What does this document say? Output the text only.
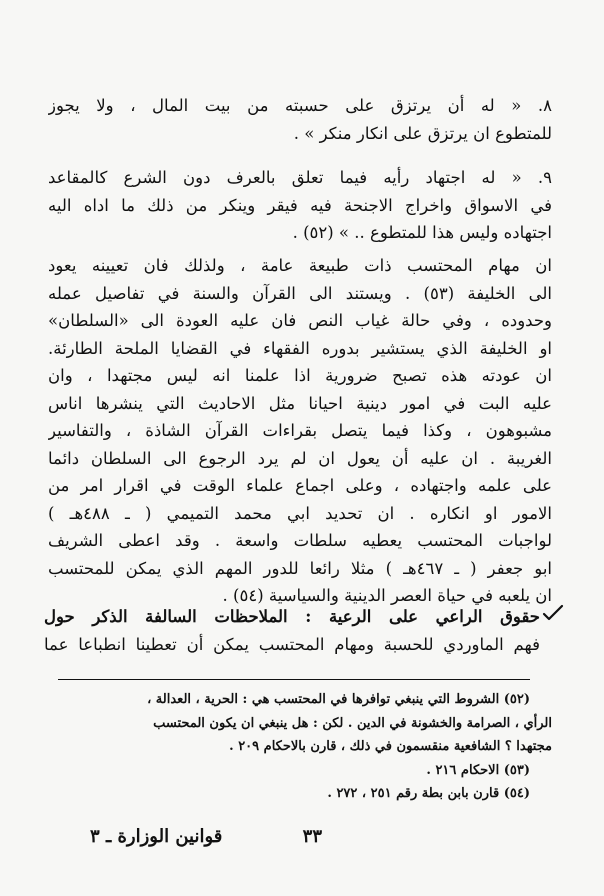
٨. « له أن يرتزق على حسبته من بيت المال ، ولا يجوز
للمتطوع ان يرتزق على انكار منكر » .
٩. « له اجتهاد رأيه فيما تعلق بالعرف دون الشرع كالمقاعد
في الاسواق واخراج الاجنحة فيه فيقر وينكر من ذلك ما اداه اليه
اجتهاده وليس هذا للمتطوع .. » (٥٢) .
ان مهام المحتسب ذات طبيعة عامة ، ولذلك فان تعيينه يعود
الى الخليفة (٥٣) . ويستند الى القرآن والسنة في تفاصيل عمله
وحدوده ، وفي حالة غياب النص فان عليه العودة الى «السلطان»
او الخليفة الذي يستشير بدوره الفقهاء في القضايا الملحة الطارئة.
ان عودته هذه تصبح ضرورية اذا علمنا انه ليس مجتهدا ، وان
عليه البت في امور دينية احيانا مثل الاحاديث التي ينشرها اناس
مشبوهون ، وكذا فيما يتصل بقراءات القرآن الشاذة ، والتفاسير
الغريبة . ان عليه أن يعول ان لم يرد الرجوع الى السلطان دائما
على علمه واجتهاده ، وعلى اجماع علماء الوقت في اقرار امر من
الامور او انكاره . ان تحديد ابي محمد التميمي ( ـ ٤٨٨هـ )
لواجبات المحتسب يعطيه سلطات واسعة . وقد اعطى الشريف
ابو جعفر ( ـ ٤٦٧هـ ) مثلا رائعا للدور المهم الذي يمكن للمحتسب
ان يلعبه في حياة العصر الدينية والسياسية (٥٤) .
حقوق الراعي على الرعية : الملاحظات السالفة الذكر حول
فهم الماوردي للحسبة ومهام المحتسب يمكن أن تعطينا انطباعا عما
(٥٢) الشروط التي ينبغي توافرها في المحتسب هي : الحرية ، العدالة ،
الرأي ، الصرامة والخشونة في الدين . لكن : هل ينبغي ان يكون المحتسب
مجتهدا ؟ الشافعية منقسمون في ذلك ، قارن بالاحكام ٢٠٩ .
(٥٣) الاحكام ٢١٦ .
(٥٤) قارن بابن بطة رقم ٢٥١ ، ٢٧٢ .
٣٣
قوانين الوزارة ـ ٣
